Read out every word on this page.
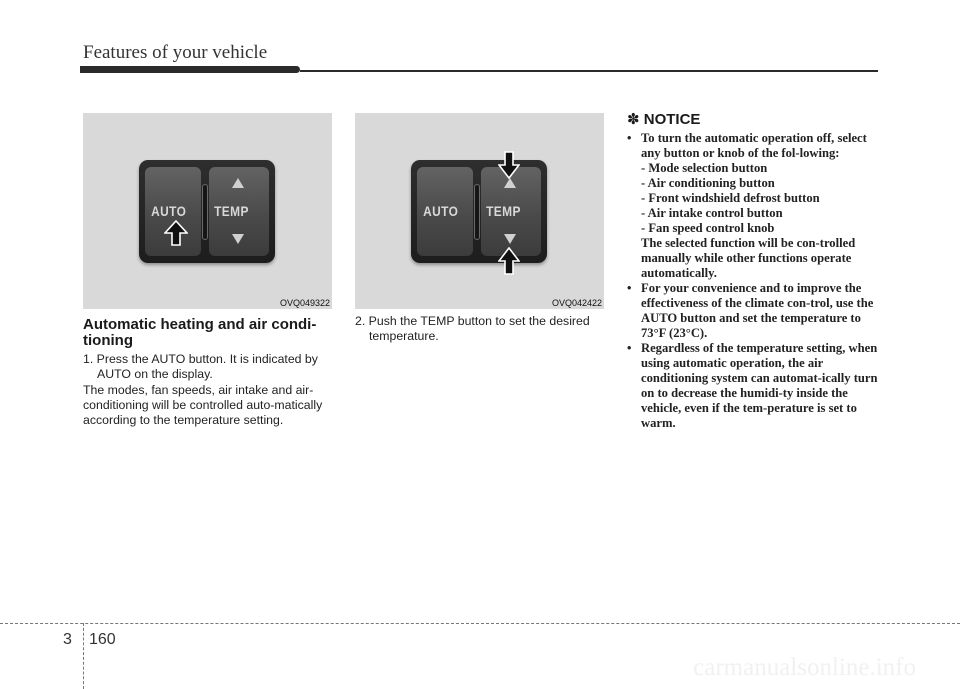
Features of your vehicle
AUTO TEMP
OVQ049322
AUTO TEMP
OVQ042422
Automatic heating and air condi-tioning
1. Press the AUTO button. It is indicated by AUTO on the display.
The modes, fan speeds, air intake and air-conditioning will be controlled auto-matically according to the temperature setting.
2. Push the TEMP button to set the desired temperature.
✽ NOTICE
• To turn the automatic operation off, select any button or knob of the fol-lowing:
- Mode selection button
- Air conditioning button
- Front windshield defrost button
- Air intake control button
- Fan speed control knob
The selected function will be con-trolled manually while other functions operate automatically.
• For your convenience and to improve the effectiveness of the climate con-trol, use the AUTO button and set the temperature to 73°F (23°C).
• Regardless of the temperature setting, when using automatic operation, the air conditioning system can automat-ically turn on to decrease the humidi-ty inside the vehicle, even if the tem-perature is set to warm.
3 160
carmanualsonline.info
